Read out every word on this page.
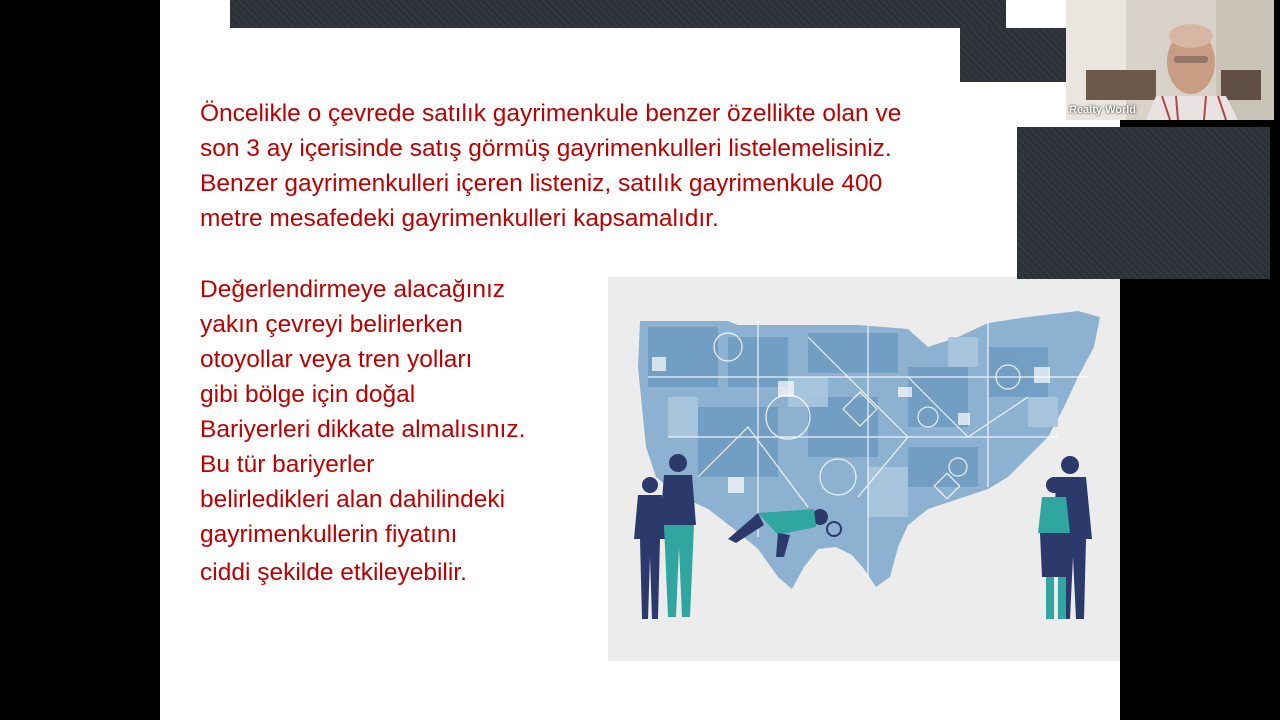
Öncelikle o çevrede satılık gayrimenkule benzer özellikte olan ve
son 3 ay içerisinde satış görmüş gayrimenkulleri listelemelisiniz.
Benzer gayrimenkulleri içeren listeniz, satılık gayrimenkule 400
metre mesafedeki gayrimenkulleri kapsamalıdır.

Değerlendirmeye alacağınız
yakın çevreyi belirlerken
otoyollar veya tren yolları
gibi bölge için doğal
Bariyerleri dikkate almalısınız.
Bu tür bariyerler
belirledikleri alan dahilindeki
gayrimenkullerin fiyatını
ciddi şekilde etkileyebilir.

Realty World
